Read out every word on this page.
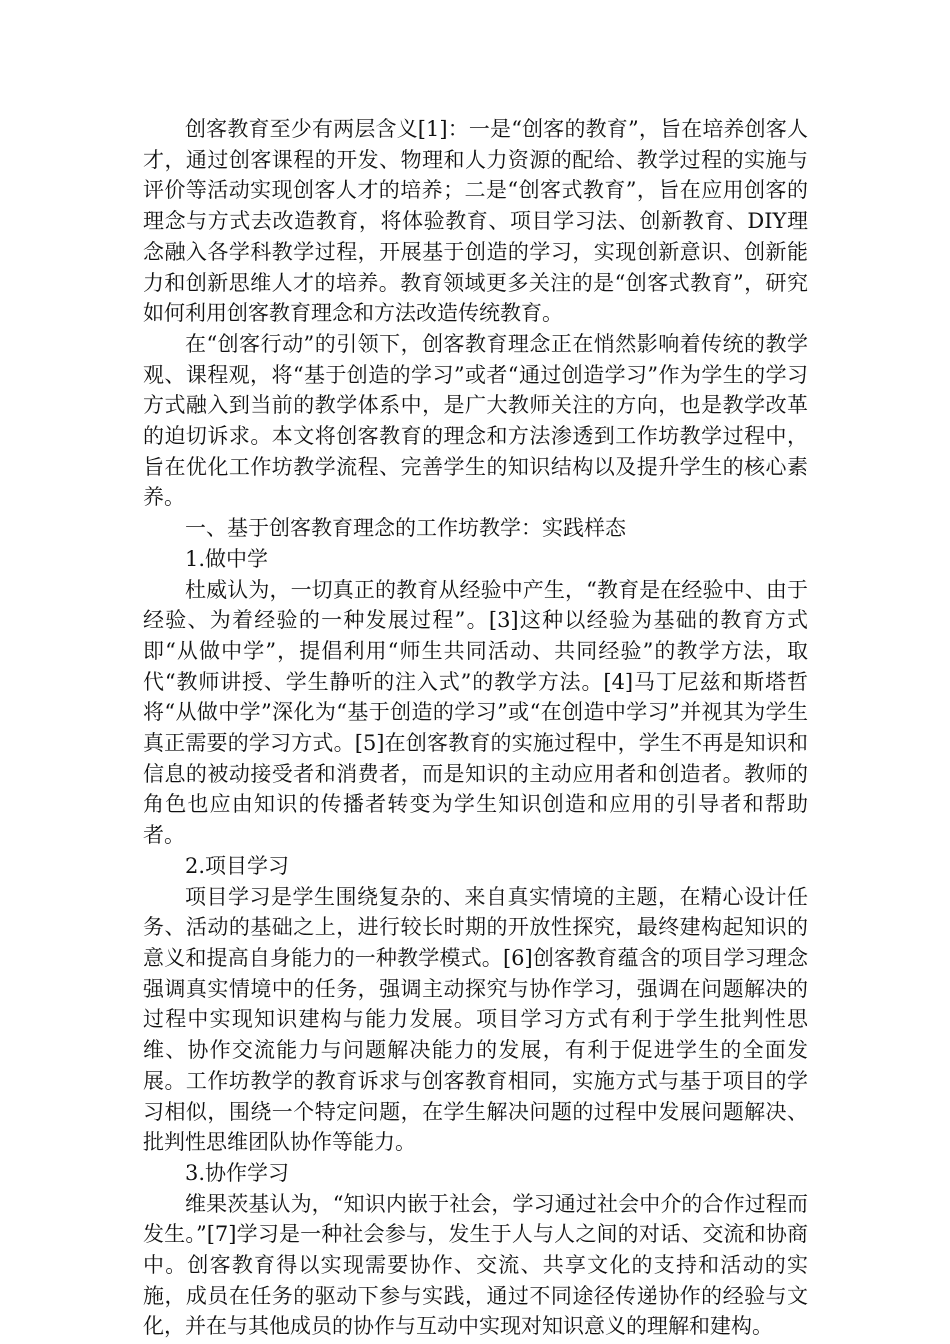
创客教育至少有两层含义[1]：一是“创客的教育”，旨在培养创客人才，通过创客课程的开发、物理和人力资源的配给、教学过程的实施与评价等活动实现创客人才的培养；二是“创客式教育”，旨在应用创客的理念与方式去改造教育，将体验教育、项目学习法、创新教育、DIY理念融入各学科教学过程，开展基于创造的学习，实现创新意识、创新能力和创新思维人才的培养。教育领域更多关注的是“创客式教育”，研究如何利用创客教育理念和方法改造传统教育。

在“创客行动”的引领下，创客教育理念正在悄然影响着传统的教学观、课程观，将“基于创造的学习”或者“通过创造学习”作为学生的学习方式融入到当前的教学体系中，是广大教师关注的方向，也是教学改革的迫切诉求。本文将创客教育的理念和方法渗透到工作坊教学过程中，旨在优化工作坊教学流程、完善学生的知识结构以及提升学生的核心素养。

一、基于创客教育理念的工作坊教学：实践样态

1.做中学

杜威认为，一切真正的教育从经验中产生，“教育是在经验中、由于经验、为着经验的一种发展过程”。[3]这种以经验为基础的教育方式即“从做中学”，提倡利用“师生共同活动、共同经验”的教学方法，取代“教师讲授、学生静听的注入式”的教学方法。[4]马丁尼兹和斯塔哲将“从做中学”深化为“基于创造的学习”或“在创造中学习”并视其为学生真正需要的学习方式。[5]在创客教育的实施过程中，学生不再是知识和信息的被动接受者和消费者，而是知识的主动应用者和创造者。教师的角色也应由知识的传播者转变为学生知识创造和应用的引导者和帮助者。

2.项目学习

项目学习是学生围绕复杂的、来自真实情境的主题，在精心设计任务、活动的基础之上，进行较长时期的开放性探究，最终建构起知识的意义和提高自身能力的一种教学模式。[6]创客教育蕴含的项目学习理念强调真实情境中的任务，强调主动探究与协作学习，强调在问题解决的过程中实现知识建构与能力发展。项目学习方式有利于学生批判性思维、协作交流能力与问题解决能力的发展，有利于促进学生的全面发展。工作坊教学的教育诉求与创客教育相同，实施方式与基于项目的学习相似，围绕一个特定问题，在学生解决问题的过程中发展问题解决、批判性思维团队协作等能力。

3.协作学习

维果茨基认为，“知识内嵌于社会，学习通过社会中介的合作过程而发生。”[7]学习是一种社会参与，发生于人与人之间的对话、交流和协商中。创客教育得以实现需要协作、交流、共享文化的支持和活动的实施，成员在任务的驱动下参与实践，通过不同途径传递协作的经验与文化，并在与其他成员的协作与互动中实现对知识意义的理解和建构。
